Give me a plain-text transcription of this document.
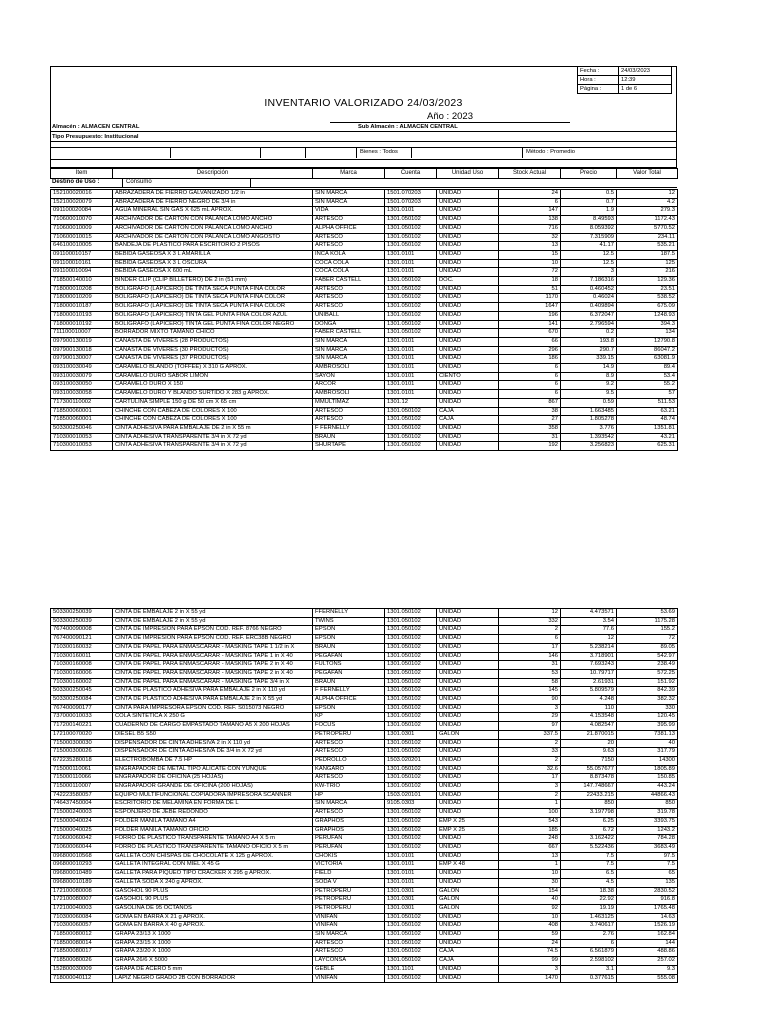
Fecha :	24/03/2023
Hora :	12:39
Página :	1 de 6
INVENTARIO VALORIZADO 24/03/2023
Año : 2023
Almacén : ALMACEN CENTRAL	Sub Almacén : ALMACEN CENTRAL
Tipo Presupuesto: Institucional
Bienes : Todos	Método : Promedio
Item	Descripción	Marca	Cuenta	Unidad Uso	Stock Actual	Precio	Valor Total
Destino de Uso :	Consumo
152100020016	ABRAZADERA DE FIERRO GALVANIZADO 1/2 in	SIN MARCA	1501.070203	UNIDAD	24	0.5	12
152100020079	ABRAZADERA DE FIERRO NEGRO DE 3/4 in	SIN MARCA	1501.070203	UNIDAD	6	0.7	4.2
091100020084	AGUA MINERAL SIN GAS X 625 mL APROX.	VIDA	1301.0101	UNIDAD	147	1.9	279.3
710600010070	ARCHIVADOR DE CARTON CON PALANCA LOMO ANCHO	ARTESCO	1301.050102	UNIDAD	138	8.49593	1172.43
710600010009	ARCHIVADOR DE CARTON CON PALANCA LOMO ANCHO	ALPHA OFFICE	1301.050102	UNIDAD	716	8.059392	5770.52
710600010015	ARCHIVADOR DE CARTON CON PALANCA LOMO ANGOSTO	ARTESCO	1301.050102	UNIDAD	32	7.315909	234.11
646100010005	BANDEJA DE PLASTICO PARA ESCRITORIO 2 PISOS	ARTESCO	1301.050102	UNIDAD	13	41.17	535.21
091100010157	BEBIDA GASEOSA X 3 L AMARILLA	INCA KOLA	1301.0101	UNIDAD	15	12.5	187.5
091100010161	BEBIDA GASEOSA X 3 L OSCURA	COCA COLA	1301.0101	UNIDAD	10	12.5	125
091100010094	BEBIDA GASEOSA X 600 mL	COCA COLA	1301.0101	UNIDAD	72	3	216
718500140010	BINDER CLIP (CLIP BILLETERO) DE 2 in (51 mm)	FABER CASTELL	1301.050102	DOC.	18	7.186316	129.36
718000010208	BOLIGRAFO (LAPICERO) DE TINTA SECA PUNTA FINA COLOR	ARTESCO	1301.050102	UNIDAD	51	0.460452	23.51
718000010209	BOLIGRAFO (LAPICERO) DE TINTA SECA PUNTA FINA COLOR	ARTESCO	1301.050102	UNIDAD	1170	0.46024	538.52
718000010187	BOLIGRAFO (LAPICERO) DE TINTA SECA PUNTA FINA COLOR	ARTESCO	1301.050102	UNIDAD	1647	0.409894	675.09
718000010193	BOLIGRAFO (LAPICERO) TINTA GEL PUNTA FINA COLOR AZUL	UNIBALL	1301.050102	UNIDAD	196	6.372047	1248.93
718000010192	BOLIGRAFO (LAPICERO) TINTA GEL PUNTA FINA COLOR NEGRO	DONGA	1301.050102	UNIDAD	141	2.796594	394.3
711100010007	BORRADOR MIXTO TAMAÑO CHICO	FABER CASTELL	1301.050102	UNIDAD	670	0.2	134
097900130019	CANASTA DE VIVERES (28 PRODUCTOS)	SIN MARCA	1301.0101	UNIDAD	66	193.8	12790.8
097900130018	CANASTA DE VIVERES (30 PRODUCTOS)	SIN MARCA	1301.0101	UNIDAD	296	290.7	86047.2
097900130007	CANASTA DE VIVERES (37 PRODUCTOS)	SIN MARCA	1301.0101	UNIDAD	186	339.15	63081.9
093100030049	CARAMELO BLANDO (TOFFEE) X 310 G APROX.	AMBROSOLI	1301.0101	UNIDAD	6	14.9	89.4
093100030079	CARAMELO DURO SABOR LIMON	SAYON	1301.0101	CIENTO	6	8.9	53.4
093100030050	CARAMELO DURO X 150	ARCOR	1301.0101	UNIDAD	6	9.2	55.2
093100030058	CARAMELO DURO Y BLANDO SURTIDO X 283 g APROX.	AMBROSOLI	1301.0101	UNIDAD	6	9.5	57
717300110002	CARTULINA SIMPLE 150 g DE 50 cm X 65 cm	MMULTIMAZ	1301.12	UNIDAD	867	0.59	511.53
718500060001	CHINCHE CON CABEZA DE COLORES X 100	ARTESCO	1301.050102	CAJA	38	1.663485	63.21
718500060001	CHINCHE CON CABEZA DE COLORES X 100	ARTESCO	1301.050102	CAJA	27	1.805278	48.74
503300250046	CINTA ADHESIVA PARA EMBALAJE DE 2 in X 55 m	F FERNELLY	1301.050102	UNIDAD	358	3.776	1351.81
710300010053	CINTA ADHESIVA TRANSPARENTE 3/4 in X 72 yd	BRAUN	1301.050102	UNIDAD	31	1.393542	43.21
710300010053	CINTA ADHESIVA TRANSPARENTE 3/4 in X 72 yd	SHURTAPE	1301.050102	UNIDAD	192	3.256823	625.31
503300250039	CINTA DE EMBALAJE 2 in X 55 yd	FFERNELLY	1301.050102	UNIDAD	12	4.473571	53.69
503300250039	CINTA DE EMBALAJE 2 in X 55 yd	TWINS	1301.050102	UNIDAD	332	3.54	1175.28
767400090008	CINTA DE IMPRESION PARA EPSON COD. REF. 8766 NEGRO	EPSON	1301.050102	UNIDAD	2	77.6	155.2
767400090121	CINTA DE IMPRESION PARA EPSON COD. REF. ERC38B NEGRO	EPSON	1301.050102	UNIDAD	6	12	72
710300160032	CINTA DE PAPEL PARA ENMASCARAR - MASKING TAPE 1 1/2 in X	BRAUN	1301.050102	UNIDAD	17	5.238214	89.05
710300160011	CINTA DE PAPEL PARA ENMASCARAR - MASKING TAPE 1 in X 40	PEGAFAN	1301.050102	UNIDAD	146	3.718901	542.97
710300160008	CINTA DE PAPEL PARA ENMASCARAR - MASKING TAPE 2 in X 40	FULTONS	1301.050102	UNIDAD	31	7.693243	238.49
710300160006	CINTA DE PAPEL PARA ENMASCARAR - MASKING TAPE 2 in X 40	PEGAFAN	1301.050102	UNIDAD	53	10.79717	572.25
710300160002	CINTA DE PAPEL PARA ENMASCARAR - MASKING TAPE 3/4 in X	BRAUN	1301.050102	UNIDAD	58	2.61931	151.92
503300250045	CINTA DE PLASTICO ADHESIVA PARA EMBALAJE 2 in X 110 yd	F FERNELLY	1301.050102	UNIDAD	145	5.809579	842.39
503300250084	CINTA DE PLASTICO ADHESIVA PARA EMBALAJE 2 in X 55 yd	ALPHA OFFICE	1301.050102	UNIDAD	90	4.248	382.32
767400090177	CINTA PARA IMPRESORA EPSON COD. REF. S015073 NEGRO	EPSON	1301.050102	UNIDAD	3	110	330
737000010033	COLA SINTETICA X 250 G	KP	1301.050102	UNIDAD	29	4.153548	120.45
717200140221	CUADERNO DE CARGO EMPASTADO TAMAÑO A5 X 200 HOJAS	FOCUS	1301.050102	UNIDAD	97	4.082547	395.99
172100070020	DIESEL B5 S50	PETROPERU	1301.0301	GALON	337.5	21.870015	7381.13
715000300030	DISPENSADOR DE CINTA ADHESIVA 2 in X 110 yd	ARTESCO	1301.050102	UNIDAD	2	20	40
715000300026	DISPENSADOR DE CINTA ADHESIVA DE 3/4 in X 72 yd	ARTESCO	1301.050102	UNIDAD	33	9.63	317.79
672235280018	ELECTROBOMBA DE 7.5 HP	PEDROLLO	1503.020201	UNIDAD	2	7150	14300
715000110061	ENGRAPADOR DE METAL TIPO ALICATE CON YUNQUE	KANGARO	1301.050102	UNIDAD	32.6	55.057677	1805.89
715000110066	ENGRAPADOR DE OFICINA (25 HOJAS)	ARTESCO	1301.050102	UNIDAD	17	8.873478	150.85
715000110007	ENGRAPADOR GRANDE DE OFICINA (200 HOJAS)	KW-TRIO	1301.050102	UNIDAD	3	147.748667	443.24
742223580057	EQUIPO MULTIFUNCIONAL COPIADORA IMPRESORA SCANNER	HP	1503.020101	UNIDAD	2	22433.215	44866.43
746437450004	ESCRITORIO DE MELAMINA EN FORMA DE L	SIN MARCA	9105.0303	UNIDAD	1	850	850
715000240003	ESPONJERO DE JEBE REDONDO	ARTESCO	1301.050102	UNIDAD	100	3.197798	319.78
715000040024	FOLDER MANILA TAMAÑO A4	GRAPHOS	1301.050102	EMP X 25	543	6.25	3393.75
715000040025	FOLDER MANILA TAMAÑO OFICIO	GRAPHOS	1301.050102	EMP X 25	185	6.72	1243.2
710600060042	FORRO DE PLASTICO TRANSPARENTE TAMAÑO A4 X 5 m	PERUFAN	1301.050102	UNIDAD	248	3.162422	784.28
710600060044	FORRO DE PLASTICO TRANSPARENTE TAMAÑO OFICIO X 5 m	PERUFAN	1301.050102	UNIDAD	667	5.522436	3683.49
096800010568	GALLETA CON CHISPAS DE CHOCOLATE X 125 g APROX.	CHOKIS	1301.0101	UNIDAD	13	7.5	97.5
096800010293	GALLETA INTEGRAL CON MIEL X 45 G	VICTORIA	1301.0101	EMP X 48	1	7.5	7.5
096800010489	GALLETA PARA PIQUEO TIPO CRACKER X 295 g APROX.	FIELD	1301.0101	UNIDAD	10	6.5	65
096800010189	GALLETA SODA X 240 g APROX.	SODA V	1301.0101	UNIDAD	30	4.5	135
172100080008	GASOHOL 90 PLUS	PETROPERU	1301.0301	GALON	154	18.38	2830.52
172100080007	GASOHOL 90 PLUS	PETROPERU	1301.0301	GALON	40	22.92	916.8
172100040003	GASOLINA DE 95 OCTANOS	PETROPERU	1301.0301	GALON	92	19.19	1765.48
710300060084	GOMA EN BARRA X 21 g APROX.	VINIFAN	1301.050102	UNIDAD	10	1.463125	14.63
710300060057	GOMA EN BARRA X 40 g APROX.	VINIFAN	1301.050102	UNIDAD	408	3.740617	1526.19
718500080012	GRAPA 23/13 X 1000	SIN MARCA	1301.050102	UNIDAD	59	2.76	162.84
718500080014	GRAPA 23/15 X 1000	ARTESCO	1301.050102	UNIDAD	24	6	144
718500080017	GRAPA 23/20 X 1000	ARTESCO	1301.050102	CAJA	74.5	6.561879	488.86
718500080026	GRAPA 26/6 X 5000	LAYCONSA	1301.050102	CAJA	99	2.598102	257.02
152800030009	GRAPA DE ACERO 5 mm	GEBLE	1301.1101	UNIDAD	3	3.1	9.3
718000040112	LAPIZ NEGRO GRADO 2B CON BORRADOR	VINIFAN	1301.050102	UNIDAD	1470	0.377615	555.08
